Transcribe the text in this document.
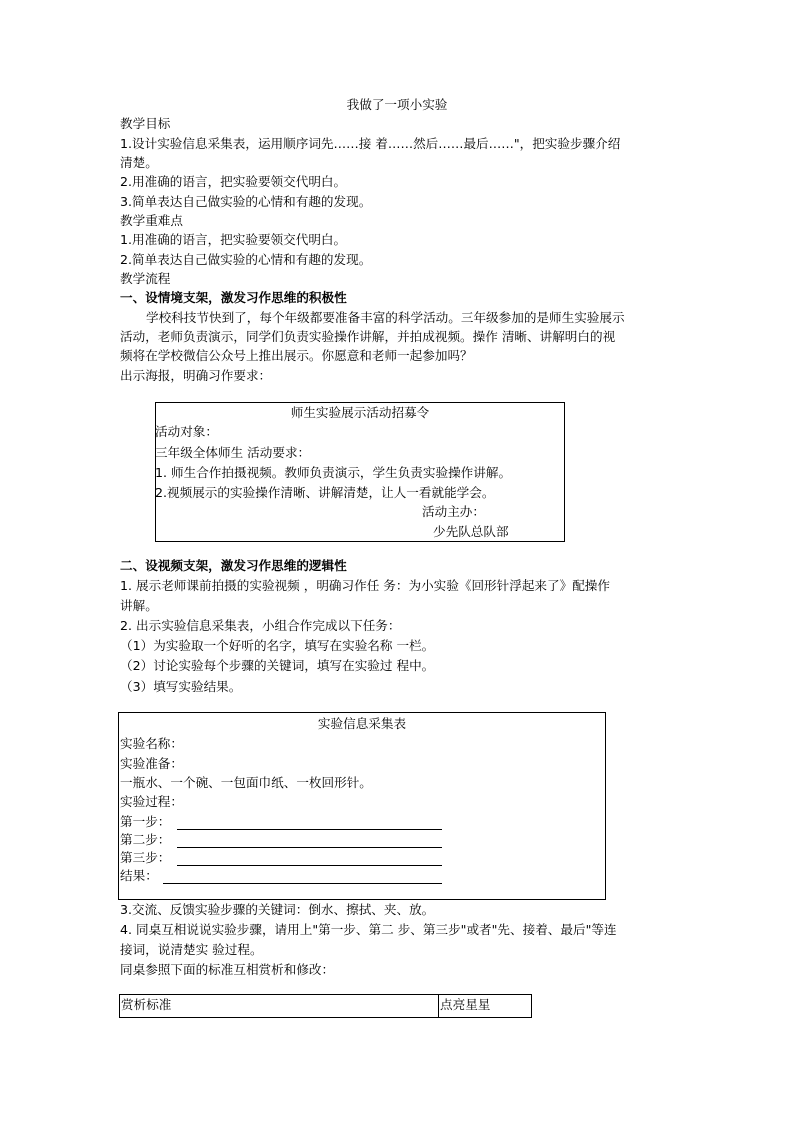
我做了一项小实验
教学目标
1.设计实验信息采集表，运用顺序词先……接 着……然后……最后……"，把实验步骤介绍
清楚。
2.用准确的语言，把实验要领交代明白。
3.简单表达自己做实验的心情和有趣的发现。
教学重难点
1.用准确的语言，把实验要领交代明白。
2.简单表达自己做实验的心情和有趣的发现。
教学流程
一、设情境支架，激发习作思维的积极性
学校科技节快到了，每个年级都要准备丰富的科学活动。三年级参加的是师生实验展示
活动，老师负责演示，同学们负责实验操作讲解，并拍成视频。操作 清晰、讲解明白的视
频将在学校微信公众号上推出展示。你愿意和老师一起参加吗？
出示海报，明确习作要求：
师生实验展示活动招募令
活动对象：
三年级全体师生 活动要求：
1. 师生合作拍摄视频。教师负责演示，学生负责实验操作讲解。
2.视频展示的实验操作清晰、讲解清楚，让人一看就能学会。
活动主办：
少先队总队部
二、设视频支架，激发习作思维的逻辑性
1. 展示老师课前拍摄的实验视频 ，明确习作任 务：为小实验《回形针浮起来了》配操作
讲解。
2. 出示实验信息采集表，小组合作完成以下任务：
（1）为实验取一个好听的名字，填写在实验名称 一栏。
（2）讨论实验每个步骤的关键词，填写在实验过 程中。
（3）填写实验结果。
实验信息采集表
实验名称：
实验准备：
一瓶水、一个碗、一包面巾纸、一枚回形针。
实验过程：
第一步：
第二步：
第三步：
结果：
3.交流、反馈实验步骤的关键词：倒水、擦拭、夹、放。
4. 同桌互相说说实验步骤，请用上"第一步、第二 步、第三步"或者"先、接着、最后"等连
接词，说清楚实 验过程。
同桌参照下面的标准互相赏析和修改：
赏析标准	点亮星星
